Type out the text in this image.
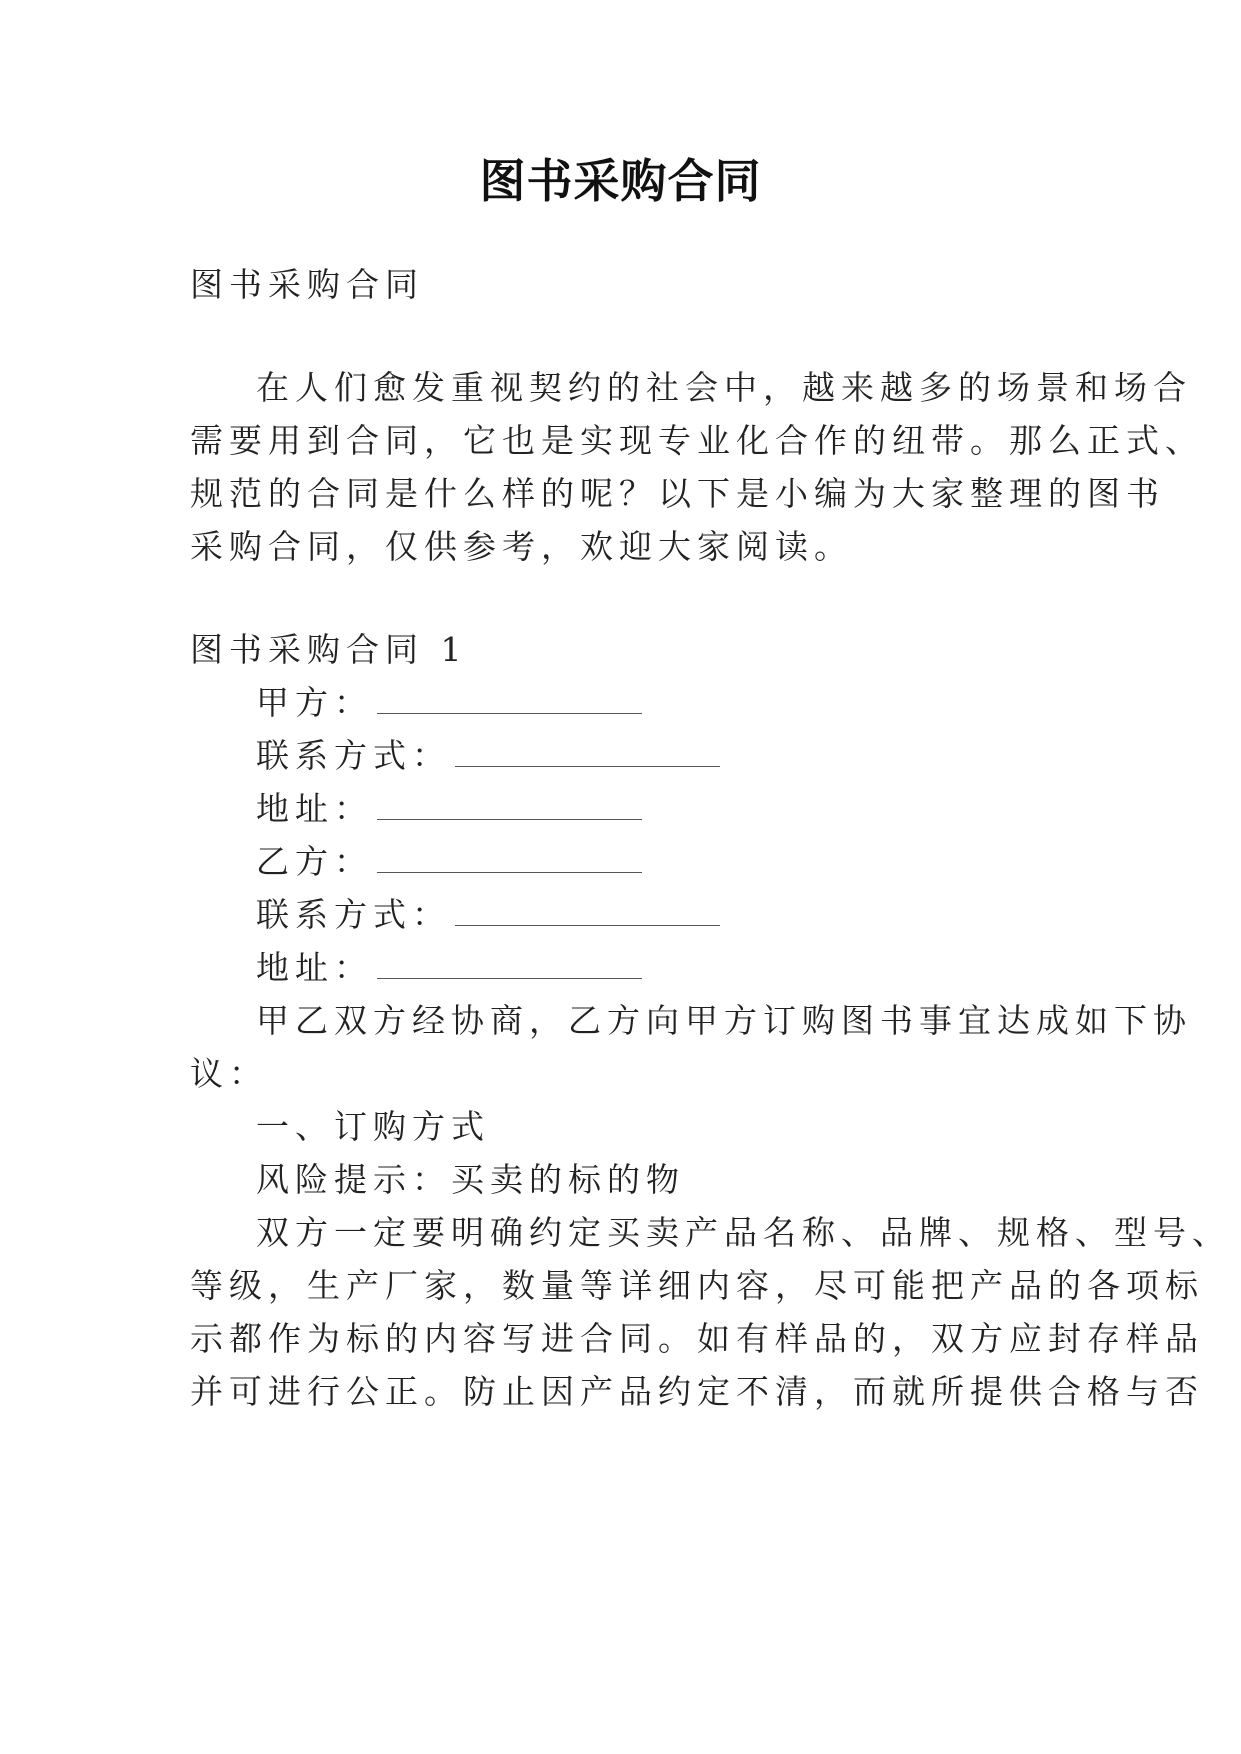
图书采购合同

图书采购合同

在人们愈发重视契约的社会中，越来越多的场景和场合

需要用到合同，它也是实现专业化合作的纽带。那么正式、

规范的合同是什么样的呢？以下是小编为大家整理的图书

采购合同，仅供参考，欢迎大家阅读。

图书采购合同 1

甲方：

联系方式：

地址：

乙方：

联系方式：

地址：

甲乙双方经协商，乙方向甲方订购图书事宜达成如下协

议：

一、订购方式

风险提示：买卖的标的物

双方一定要明确约定买卖产品名称、品牌、规格、型号、

等级，生产厂家，数量等详细内容，尽可能把产品的各项标

示都作为标的内容写进合同。如有样品的，双方应封存样品

并可进行公正。防止因产品约定不清，而就所提供合格与否
